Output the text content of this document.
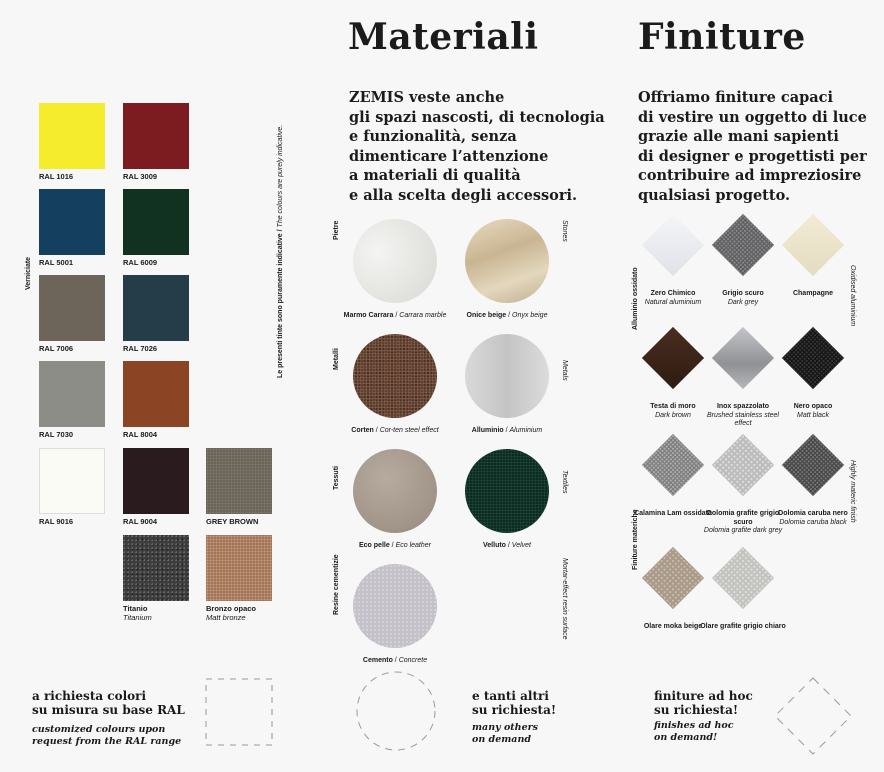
Materiali	Finiture
ZEMIS veste anche
gli spazi nascosti, di tecnologia
e funzionalità, senza
dimenticare l’attenzione
a materiali di qualità
e alla scelta degli accessori.
Offriamo finiture capaci
di vestire un oggetto di luce
grazie alle mani sapienti
di designer e progettisti per
contribuire ad impreziosire
qualsiasi progetto.
Verniciate	Le presenti tinte sono puramente indicative / The colours are purely indicative.
RAL 1016	RAL 3009
RAL 5001	RAL 6009
RAL 7006	RAL 7026
RAL 7030	RAL 8004
RAL 9016	RAL 9004	GREY BROWN
Titanio
Titanium
Bronzo opaco
Matt bronze
Pietre	Stones
Metalli
Metals
Tessuti	Textiles
Resine cementizie	Mortar-effect resin surface
Marmo Carrara / Carrara marble	Onice beige / Onyx beige
Corten / Cor-ten steel effect	Alluminio / Aluminium
Eco pelle / Eco leather	Velluto / Velvet
Cemento / Concrete
Alluminio ossidato	Oxidised aluminium
Finiture materiche
Highly materic finish
Zero Chimico
Natural aluminium
Grigio scuro
Dark grey
Champagne
Testa di moro
Dark brown
Inox spazzolato
Brushed stainless steel effect
Nero opaco
Matt black
Calamina Lam ossidata
Dolomia grafite grigio scuro
Dolomia grafite dark grey
Dolomia caruba nero
Dolomia caruba black
Olare moka beige
Olare grafite grigio chiaro
a richiesta colori
su misura su base RAL
customized colours upon
request from the RAL range
e tanti altri
su richiesta!
many others
on demand
finiture ad hoc
su richiesta!
finishes ad hoc
on demand!
